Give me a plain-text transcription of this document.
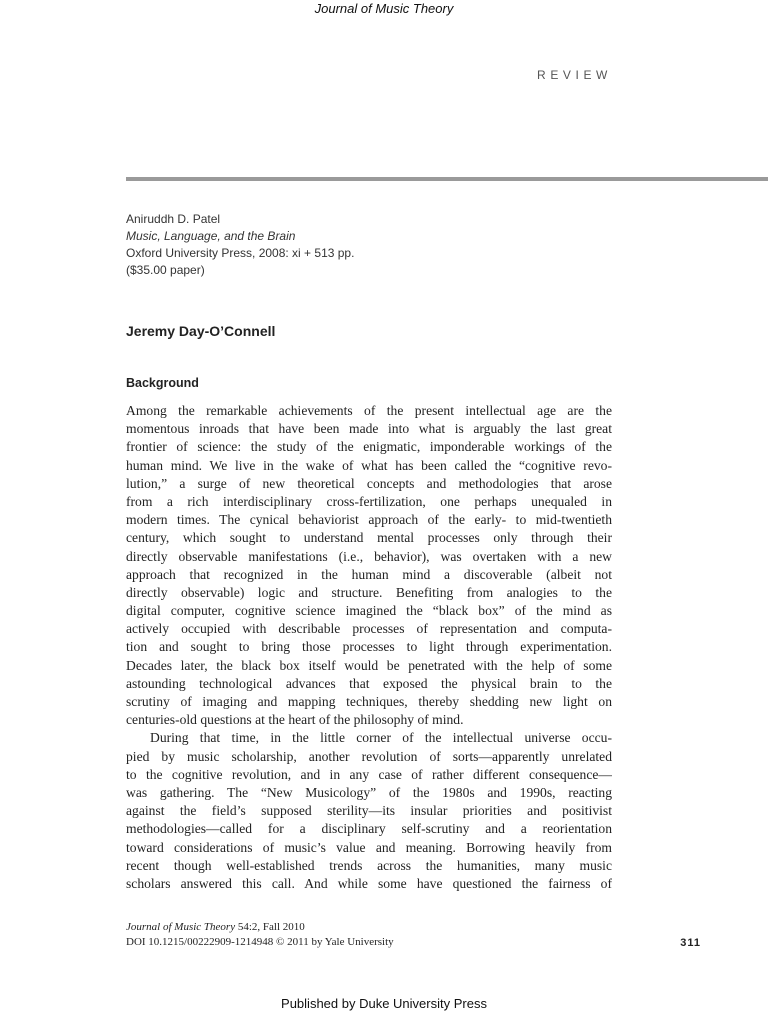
Journal of Music Theory
REVIEW
Aniruddh D. Patel
Music, Language, and the Brain
Oxford University Press, 2008: xi + 513 pp.
($35.00 paper)
Jeremy Day-O’Connell
Background
Among the remarkable achievements of the present intellectual age are the
momentous inroads that have been made into what is arguably the last great
frontier of science: the study of the enigmatic, imponderable workings of the
human mind. We live in the wake of what has been called the “cognitive revo-
lution,” a surge of new theoretical concepts and methodologies that arose
from a rich interdisciplinary cross-fertilization, one perhaps unequaled in
modern times. The cynical behaviorist approach of the early- to mid-twentieth
century, which sought to understand mental processes only through their
directly observable manifestations (i.e., behavior), was overtaken with a new
approach that recognized in the human mind a discoverable (albeit not
directly observable) logic and structure. Benefiting from analogies to the
digital computer, cognitive science imagined the “black box” of the mind as
actively occupied with describable processes of representation and computa-
tion and sought to bring those processes to light through experimentation.
Decades later, the black box itself would be penetrated with the help of some
astounding technological advances that exposed the physical brain to the
scrutiny of imaging and mapping techniques, thereby shedding new light on
centuries-old questions at the heart of the philosophy of mind.
During that time, in the little corner of the intellectual universe occu-
pied by music scholarship, another revolution of sorts—apparently unrelated
to the cognitive revolution, and in any case of rather different consequence—
was gathering. The “New Musicology” of the 1980s and 1990s, reacting
against the field’s supposed sterility—its insular priorities and positivist
methodologies—called for a disciplinary self-scrutiny and a reorientation
toward considerations of music’s value and meaning. Borrowing heavily from
recent though well-established trends across the humanities, many music
scholars answered this call. And while some have questioned the fairness of
Journal of Music Theory 54:2, Fall 2010
DOI 10.1215/00222909-1214948 © 2011 by Yale University	311
Published by Duke University Press
